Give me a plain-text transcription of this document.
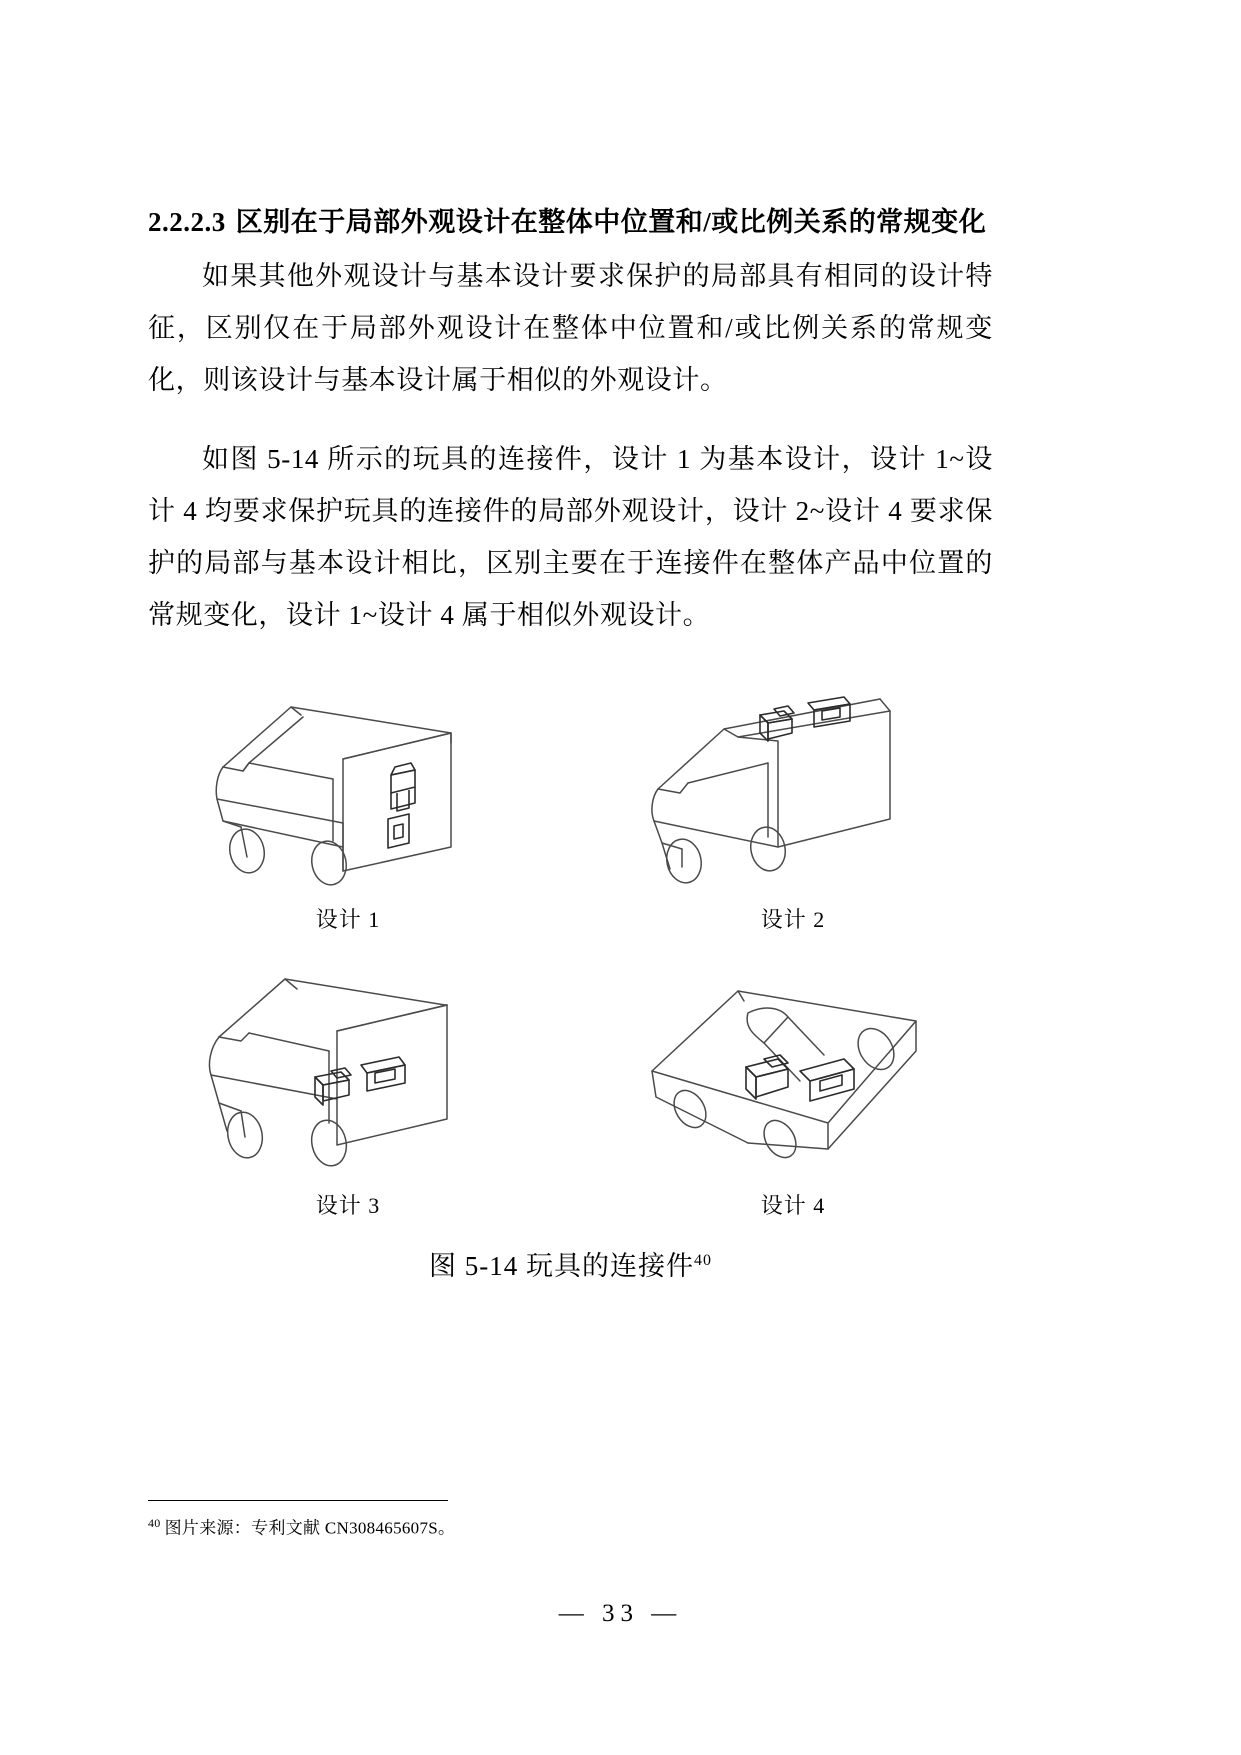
2.2.2.3 区别在于局部外观设计在整体中位置和/或比例关系的常规变化

如果其他外观设计与基本设计要求保护的局部具有相同的设计特征，区别仅在于局部外观设计在整体中位置和/或比例关系的常规变化，则该设计与基本设计属于相似的外观设计。

如图 5-14 所示的玩具的连接件，设计 1 为基本设计，设计 1~设计 4 均要求保护玩具的连接件的局部外观设计，设计 2~设计 4 要求保护的局部与基本设计相比，区别主要在于连接件在整体产品中位置的常规变化，设计 1~设计 4 属于相似外观设计。

设计 1	设计 2
设计 3	设计 4
图 5-14 玩具的连接件$^{40}$
$^{40}$ 图片来源：专利文献 CN308465607S。
— 33 —
